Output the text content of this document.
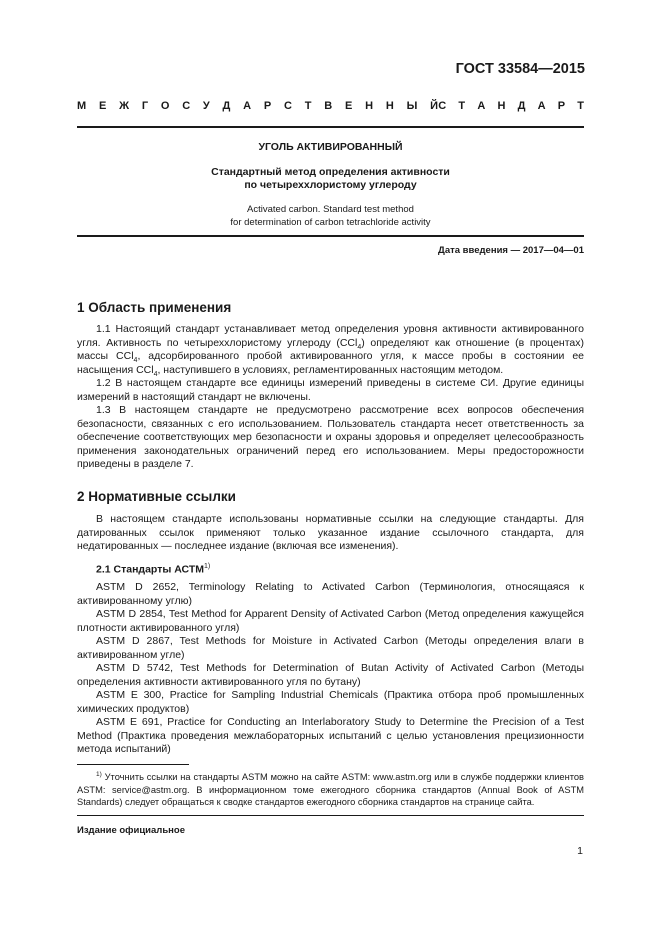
ГОСТ 33584—2015
М Е Ж Г О С У Д А Р С Т В Е Н Н Ы Й С Т А Н Д А Р Т
УГОЛЬ АКТИВИРОВАННЫЙ
Стандартный метод определения активности
по четыреххлористому углероду
Activated carbon. Standard test method
for determination of carbon tetrachloride activity
Дата введения — 2017—04—01
1 Область применения

1.1 Настоящий стандарт устанавливает метод определения уровня активности активированного угля. Активность по четыреххлористому углероду (CCl$_4$) определяют как отношение (в процентах) массы CCl$_4$, адсорбированного пробой активированного угля, к массе пробы в состоянии ее насыщения CCl$_4$, наступившего в условиях, регламентированных настоящим методом.

1.2 В настоящем стандарте все единицы измерений приведены в системе СИ. Другие единицы измерений в настоящий стандарт не включены.

1.3 В настоящем стандарте не предусмотрено рассмотрение всех вопросов обеспечения безопасности, связанных с его использованием. Пользователь стандарта несет ответственность за обеспечение соответствующих мер безопасности и охраны здоровья и определяет целесообразность применения законодательных ограничений перед его использованием. Меры предосторожности приведены в разделе 7.

2 Нормативные ссылки

В настоящем стандарте использованы нормативные ссылки на следующие стандарты. Для датированных ссылок применяют только указанное издание ссылочного стандарта, для недатированных — последнее издание (включая все изменения).

2.1 Стандарты АСТМ$^{1)}$

ASTM D 2652, Terminology Relating to Activated Carbon (Терминология, относящаяся к активированному углю)

ASTM D 2854, Test Method for Apparent Density of Activated Carbon (Метод определения кажущейся плотности активированного угля)

ASTM D 2867, Test Methods for Moisture in Activated Carbon (Методы определения влаги в активированном угле)

ASTM D 5742, Test Methods for Determination of Butan Activity of Activated Carbon (Методы определения активности активированного угля по бутану)

ASTM E 300, Practice for Sampling Industrial Chemicals (Практика отбора проб промышленных химических продуктов)

ASTM E 691, Practice for Conducting an Interlaboratory Study to Determine the Precision of a Test Method (Практика проведения межлабораторных испытаний с целью установления прецизионности метода испытаний)

$^{1)}$ Уточнить ссылки на стандарты ASTM можно на сайте ASTM: www.astm.org или в службе поддержки клиентов ASTM: service@astm.org. В информационном томе ежегодного сборника стандартов (Annual Book of ASTM Standards) следует обращаться к сводке стандартов ежегодного сборника стандартов на странице сайта.
Издание официальное
1
